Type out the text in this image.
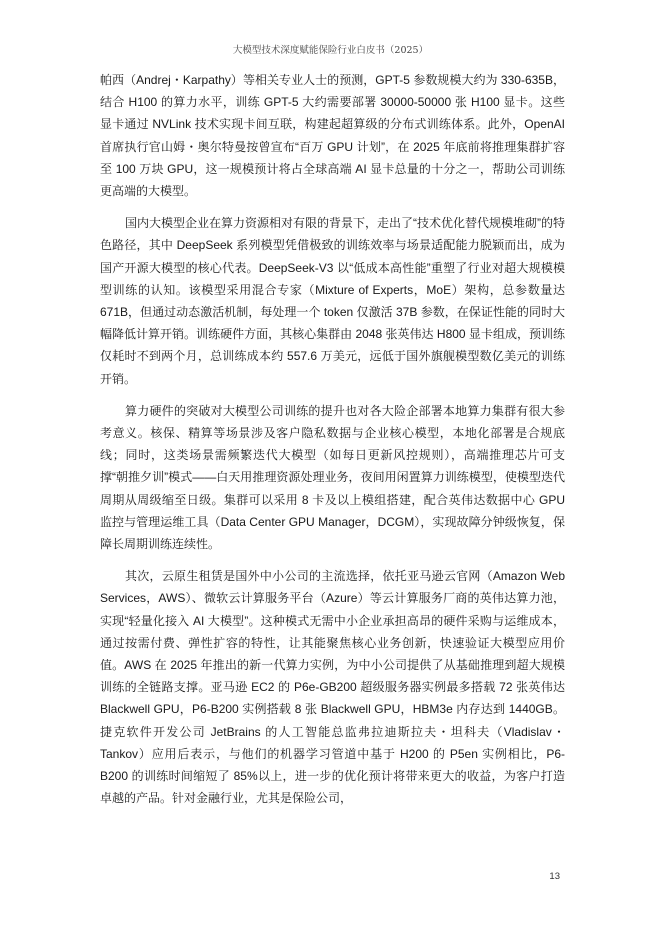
大模型技术深度赋能保险行业白皮书（2025）

帕西（Andrej・Karpathy）等相关专业人士的预测，GPT-5 参数规模大约为 330-635B，结合 H100 的算力水平，训练 GPT-5 大约需要部署 30000-50000 张 H100 显卡。这些显卡通过 NVLink 技术实现卡间互联，构建起超算级的分布式训练体系。此外，OpenAI 首席执行官山姆・奥尔特曼按曾宣布“百万 GPU 计划”，在 2025 年底前将推理集群扩容至 100 万块 GPU，这一规模预计将占全球高端 AI 显卡总量的十分之一，帮助公司训练更高端的大模型。

国内大模型企业在算力资源相对有限的背景下，走出了“技术优化替代规模堆砌”的特色路径，其中 DeepSeek 系列模型凭借极致的训练效率与场景适配能力脱颖而出，成为国产开源大模型的核心代表。DeepSeek-V3 以“低成本高性能”重塑了行业对超大规模模型训练的认知。该模型采用混合专家（Mixture of Experts，MoE）架构，总参数量达 671B，但通过动态激活机制，每处理一个 token 仅激活 37B 参数，在保证性能的同时大幅降低计算开销。训练硬件方面，其核心集群由 2048 张英伟达 H800 显卡组成，预训练仅耗时不到两个月，总训练成本约 557.6 万美元，远低于国外旗舰模型数亿美元的训练开销。

算力硬件的突破对大模型公司训练的提升也对各大险企部署本地算力集群有很大参考意义。核保、精算等场景涉及客户隐私数据与企业核心模型，本地化部署是合规底线；同时，这类场景需频繁迭代大模型（如每日更新风控规则），高端推理芯片可支撑“朝推夕训”模式——白天用推理资源处理业务，夜间用闲置算力训练模型，使模型迭代周期从周级缩至日级。集群可以采用 8 卡及以上模组搭建，配合英伟达数据中心 GPU 监控与管理运维工具（Data Center GPU Manager，DCGM），实现故障分钟级恢复，保障长周期训练连续性。

其次，云原生租赁是国外中小公司的主流选择，依托亚马逊云官网（Amazon Web Services，AWS）、微软云计算服务平台（Azure）等云计算服务厂商的英伟达算力池，实现“轻量化接入 AI 大模型”。这种模式无需中小企业承担高昂的硬件采购与运维成本，通过按需付费、弹性扩容的特性，让其能聚焦核心业务创新，快速验证大模型应用价值。AWS 在 2025 年推出的新一代算力实例，为中小公司提供了从基础推理到超大规模训练的全链路支撑。亚马逊 EC2 的 P6e-GB200 超级服务器实例最多搭载 72 张英伟达 Blackwell GPU，P6-B200 实例搭载 8 张 Blackwell GPU，HBM3e 内存达到 1440GB。捷克软件开发公司 JetBrains 的人工智能总监弗拉迪斯拉夫・坦科夫（Vladislav・Tankov）应用后表示，与他们的机器学习管道中基于 H200 的 P5en 实例相比，P6-B200 的训练时间缩短了 85%以上，进一步的优化预计将带来更大的收益，为客户打造卓越的产品。针对金融行业，尤其是保险公司，

13
